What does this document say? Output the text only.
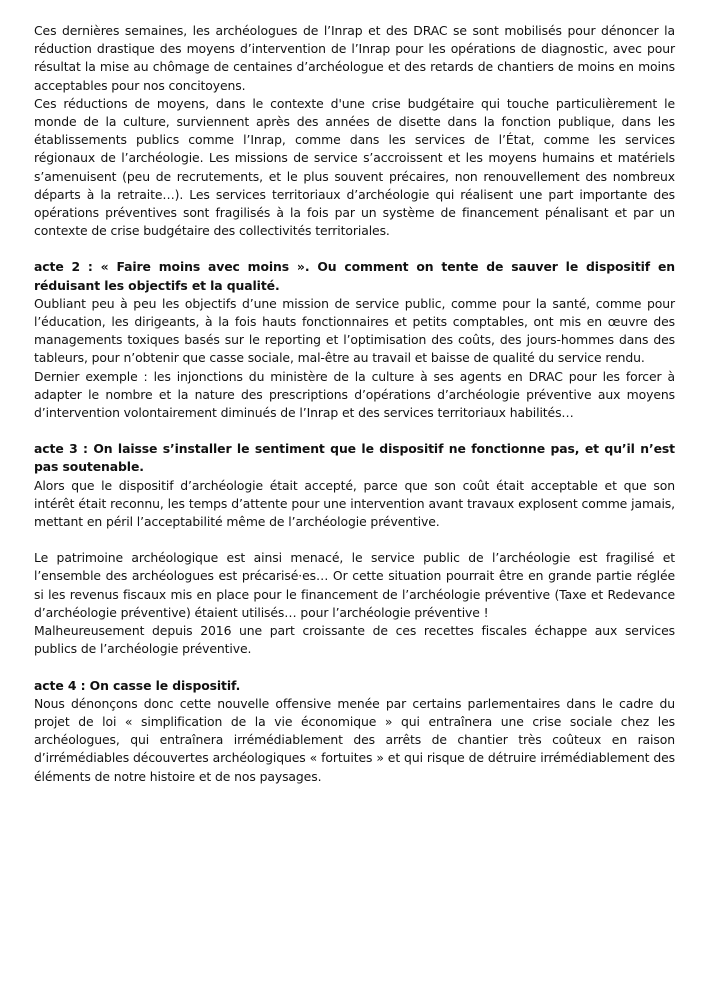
Ces dernières semaines, les archéologues de l’Inrap et des DRAC se sont mobilisés pour dénoncer la réduction drastique des moyens d’intervention de l’Inrap pour les opérations de diagnostic, avec pour résultat la mise au chômage de centaines d’archéologue et des retards de chantiers de moins en moins acceptables pour nos concitoyens.

Ces réductions de moyens, dans le contexte d'une crise budgétaire qui touche particulièrement le monde de la culture, surviennent après des années de disette dans la fonction publique, dans les établissements publics comme l’Inrap, comme dans les services de l’État, comme les services régionaux de l’archéologie. Les missions de service s’accroissent et les moyens humains et matériels s’amenuisent (peu de recrutements, et le plus souvent précaires, non renouvellement des nombreux départs à la retraite…). Les services territoriaux d’archéologie qui réalisent une part importante des opérations préventives sont fragilisés à la fois par un système de financement pénalisant et par un contexte de crise budgétaire des collectivités territoriales.

acte 2 : « Faire moins avec moins ». Ou comment on tente de sauver le dispositif en réduisant les objectifs et la qualité.

Oubliant peu à peu les objectifs d’une mission de service public, comme pour la santé, comme pour l’éducation, les dirigeants, à la fois hauts fonctionnaires et petits comptables, ont mis en œuvre des managements toxiques basés sur le reporting et l’optimisation des coûts, des jours-hommes dans des tableurs, pour n’obtenir que casse sociale, mal-être au travail et baisse de qualité du service rendu.

Dernier exemple : les injonctions du ministère de la culture à ses agents en DRAC pour les forcer à adapter le nombre et la nature des prescriptions d’opérations d’archéologie préventive aux moyens d’intervention volontairement diminués de l’Inrap et des services territoriaux habilités…

acte 3 : On laisse s’installer le sentiment que le dispositif ne fonctionne pas, et qu’il n’est pas soutenable.

Alors que le dispositif d’archéologie était accepté, parce que son coût était acceptable et que son intérêt était reconnu, les temps d’attente pour une intervention avant travaux explosent comme jamais, mettant en péril l’acceptabilité même de l’archéologie préventive.

Le patrimoine archéologique est ainsi menacé, le service public de l’archéologie est fragilisé et l’ensemble des archéologues est précarisé·es… Or cette situation pourrait être en grande partie réglée si les revenus fiscaux mis en place pour le financement de l’archéologie préventive (Taxe et Redevance d’archéologie préventive) étaient utilisés… pour l’archéologie préventive !

Malheureusement depuis 2016 une part croissante de ces recettes fiscales échappe aux services publics de l’archéologie préventive.

acte 4 : On casse le dispositif.

Nous dénonçons donc cette nouvelle offensive menée par certains parlementaires dans le cadre du projet de loi « simplification de la vie économique » qui entraînera une crise sociale chez les archéologues, qui entraînera irrémédiablement des arrêts de chantier très coûteux en raison d’irrémédiables découvertes archéologiques « fortuites » et qui risque de détruire irrémédiablement des éléments de notre histoire et de nos paysages.
